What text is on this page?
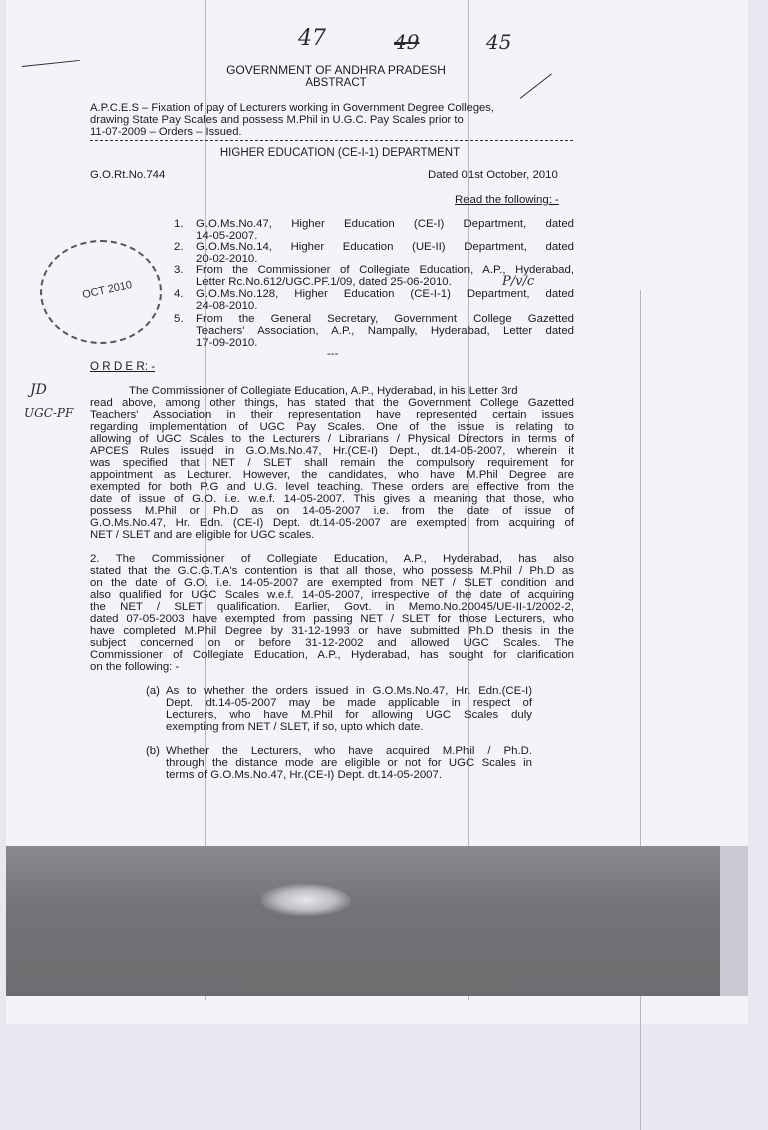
47	49	45
GOVERNMENT OF ANDHRA PRADESH
ABSTRACT
A.P.C.E.S – Fixation of pay of Lecturers working in Government Degree Colleges,
drawing State Pay Scales and possess M.Phil in U.G.C. Pay Scales prior to
11-07-2009 – Orders – Issued.
HIGHER EDUCATION (CE-I-1) DEPARTMENT
G.O.Rt.No.744	Dated 01st October, 2010
Read the following: -
1. G.O.Ms.No.47, Higher Education (CE-I) Department, dated
14-05-2007.
2. G.O.Ms.No.14, Higher Education (UE-II) Department, dated
20-02-2010.
3. From the Commissioner of Collegiate Education, A.P., Hyderabad,
Letter Rc.No.612/UGC.PF.1/09, dated 25-06-2010.	P/v/c
4. G.O.Ms.No.128, Higher Education (CE-I-1) Department, dated
24-08-2010.
5. From the General Secretary, Government College Gazetted
Teachers' Association, A.P., Nampally, Hyderabad, Letter dated
17-09-2010.
---
OCT 2010
JD
UGC-PF
O R D E R: -
The Commissioner of Collegiate Education, A.P., Hyderabad, in his Letter 3rd
read above, among other things, has stated that the Government College Gazetted
Teachers' Association in their representation have represented certain issues
regarding implementation of UGC Pay Scales. One of the issue is relating to
allowing of UGC Scales to the Lecturers / Librarians / Physical Directors in terms of
APCES Rules issued in G.O.Ms.No.47, Hr.(CE-I) Dept., dt.14-05-2007, wherein it
was specified that NET / SLET shall remain the compulsory requirement for
appointment as Lecturer. However, the candidates, who have M.Phil Degree are
exempted for both P.G and U.G. level teaching. These orders are effective from the
date of issue of G.O. i.e. w.e.f. 14-05-2007. This gives a meaning that those, who
possess M.Phil or Ph.D as on 14-05-2007 i.e. from the date of issue of
G.O.Ms.No.47, Hr. Edn. (CE-I) Dept. dt.14-05-2007 are exempted from acquiring of
NET / SLET and are eligible for UGC scales.
2. The Commissioner of Collegiate Education, A.P., Hyderabad, has also
stated that the G.C.G.T.A's contention is that all those, who possess M.Phil / Ph.D as
on the date of G.O. i.e. 14-05-2007 are exempted from NET / SLET condition and
also qualified for UGC Scales w.e.f. 14-05-2007, irrespective of the date of acquiring
the NET / SLET qualification. Earlier, Govt. in Memo.No.20045/UE-II-1/2002-2,
dated 07-05-2003 have exempted from passing NET / SLET for those Lecturers, who
have completed M.Phil Degree by 31-12-1993 or have submitted Ph.D thesis in the
subject concerned on or before 31-12-2002 and allowed UGC Scales. The
Commissioner of Collegiate Education, A.P., Hyderabad, has sought for clarification
on the following: -
(a) As to whether the orders issued in G.O.Ms.No.47, Hr. Edn.(CE-I)
Dept. dt.14-05-2007 may be made applicable in respect of
Lecturers, who have M.Phil for allowing UGC Scales duly
exempting from NET / SLET, if so, upto which date.
(b) Whether the Lecturers, who have acquired M.Phil / Ph.D.
through the distance mode are eligible or not for UGC Scales in
terms of G.O.Ms.No.47, Hr.(CE-I) Dept. dt.14-05-2007.
